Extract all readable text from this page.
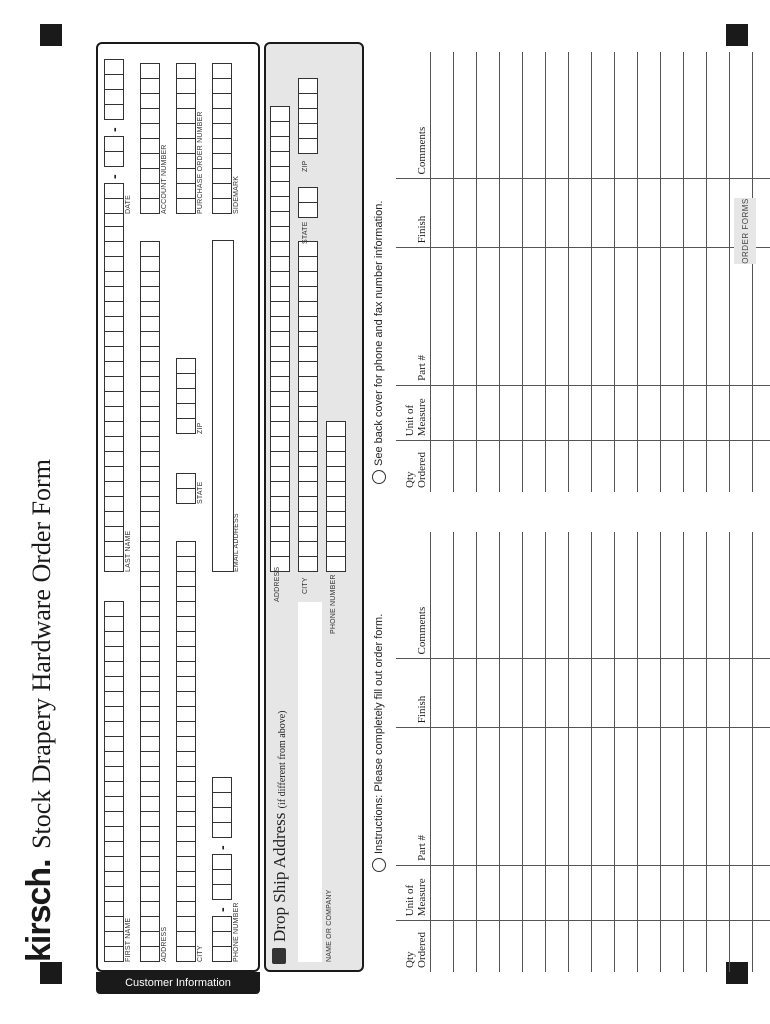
kirsch. Stock Drapery Hardware Order Form
Customer Information
Drop Ship Address (if different from above)	Instructions: Please completely fill out order form.
See back cover for phone and fax number information.
Qty Ordered	Unit of Measure	Part #	Finish	Comments

Qty Ordered	Unit of Measure	Part #	Finish	Comments

ORDER FORMS
FIRST NAME
LAST NAME
-
-
DATE
ADDRESS
ACCOUNT NUMBER
CITY
STATE
ZIP
PURCHASE ORDER NUMBER
-
-
PHONE NUMBER
EMAIL ADDRESS
SIDEMARK
NAME OR COMPANY
ADDRESS	CITY
STATE
ZIP
PHONE NUMBER
